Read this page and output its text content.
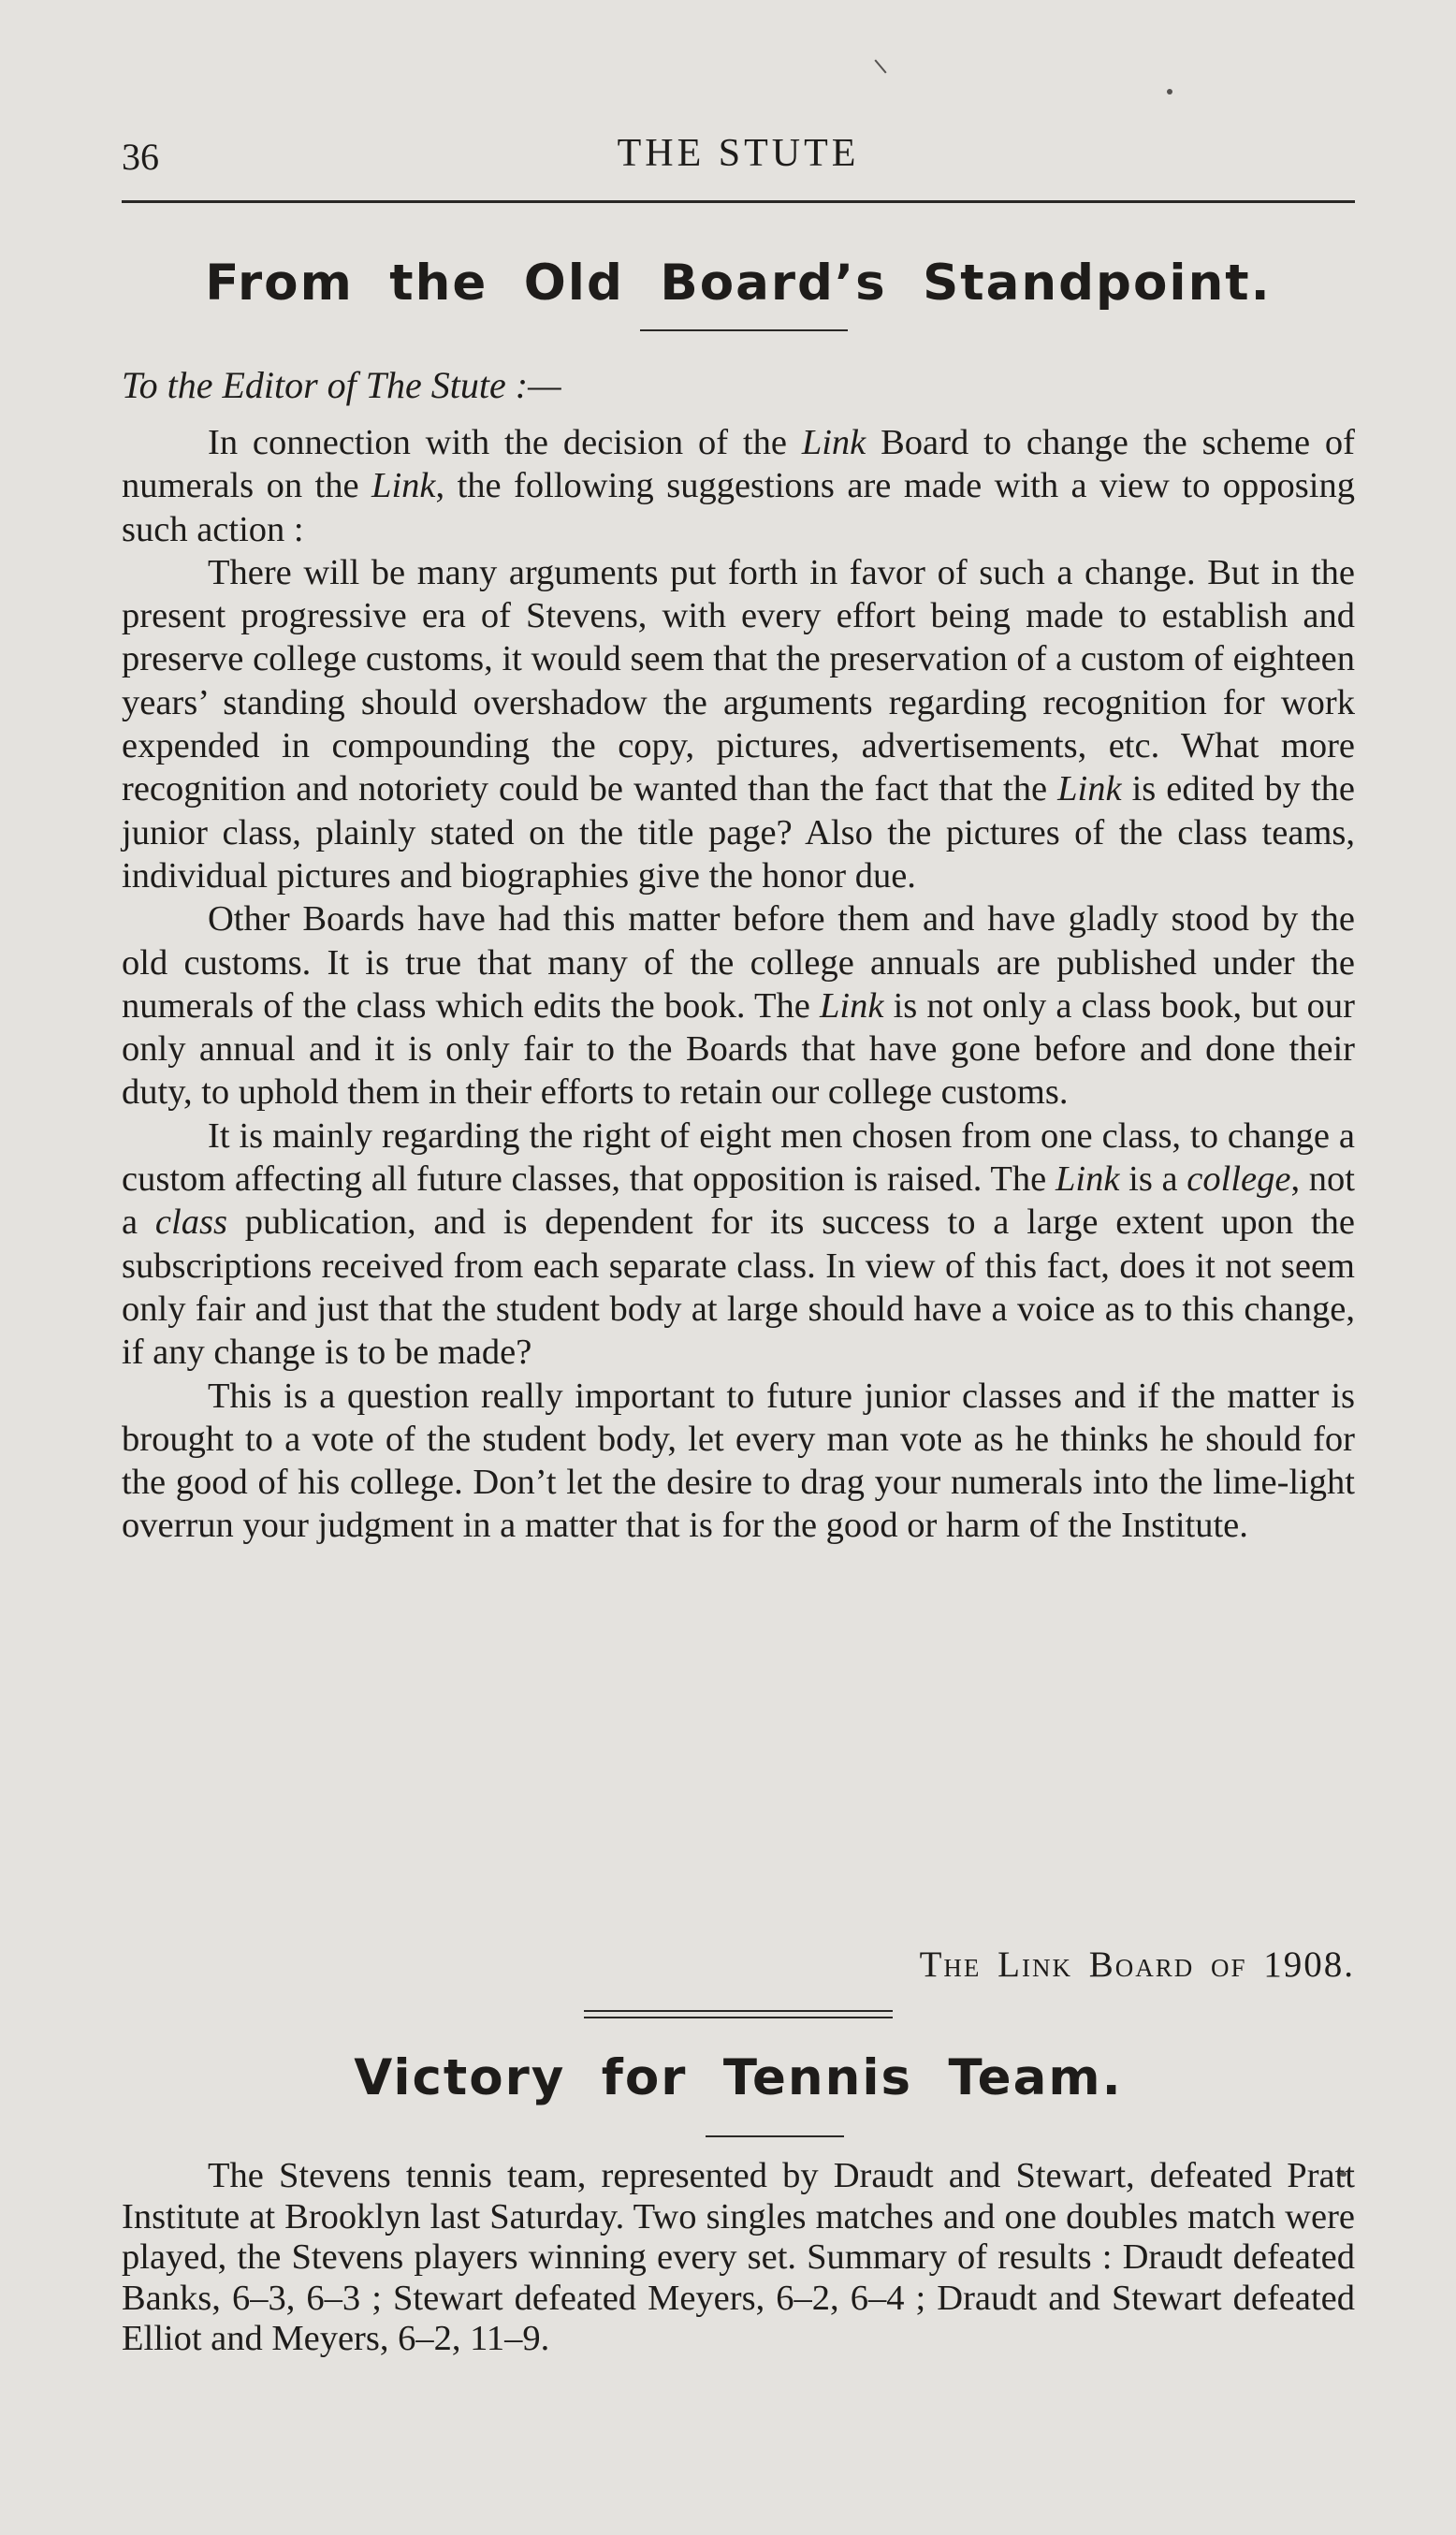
36	THE STUTE
From the Old Board’s Standpoint.
To the Editor of The Stute :—

In connection with the decision of the Link Board to change the scheme of numerals on the Link, the following suggestions are made with a view to opposing such action :

There will be many arguments put forth in favor of such a change. But in the present progressive era of Stevens, with every effort being made to establish and preserve college customs, it would seem that the preservation of a custom of eighteen years’ standing should overshadow the arguments regarding recognition for work expended in compounding the copy, pictures, advertisements, etc. What more recognition and notoriety could be wanted than the fact that the Link is edited by the junior class, plainly stated on the title page? Also the pictures of the class teams, individual pictures and biographies give the honor due.

Other Boards have had this matter before them and have gladly stood by the old customs. It is true that many of the college annuals are published under the numerals of the class which edits the book. The Link is not only a class book, but our only annual and it is only fair to the Boards that have gone before and done their duty, to uphold them in their efforts to retain our college customs.

It is mainly regarding the right of eight men chosen from one class, to change a custom affecting all future classes, that opposition is raised. The Link is a college, not a class publication, and is dependent for its success to a large extent upon the subscriptions received from each separate class. In view of this fact, does it not seem only fair and just that the student body at large should have a voice as to this change, if any change is to be made?

This is a question really important to future junior classes and if the matter is brought to a vote of the student body, let every man vote as he thinks he should for the good of his college. Don’t let the desire to drag your numerals into the lime-light overrun your judgment in a matter that is for the good or harm of the Institute.

The Link Board of 1908.
Victory for Tennis Team.

The Stevens tennis team, represented by Draudt and Stewart, defeated Pratt Institute at Brooklyn last Saturday. Two singles matches and one doubles match were played, the Stevens players winning every set. Summary of results : Draudt defeated Banks, 6–3, 6–3 ; Stewart defeated Meyers, 6–2, 6–4 ; Draudt and Stewart defeated Elliot and Meyers, 6–2, 11–9.
